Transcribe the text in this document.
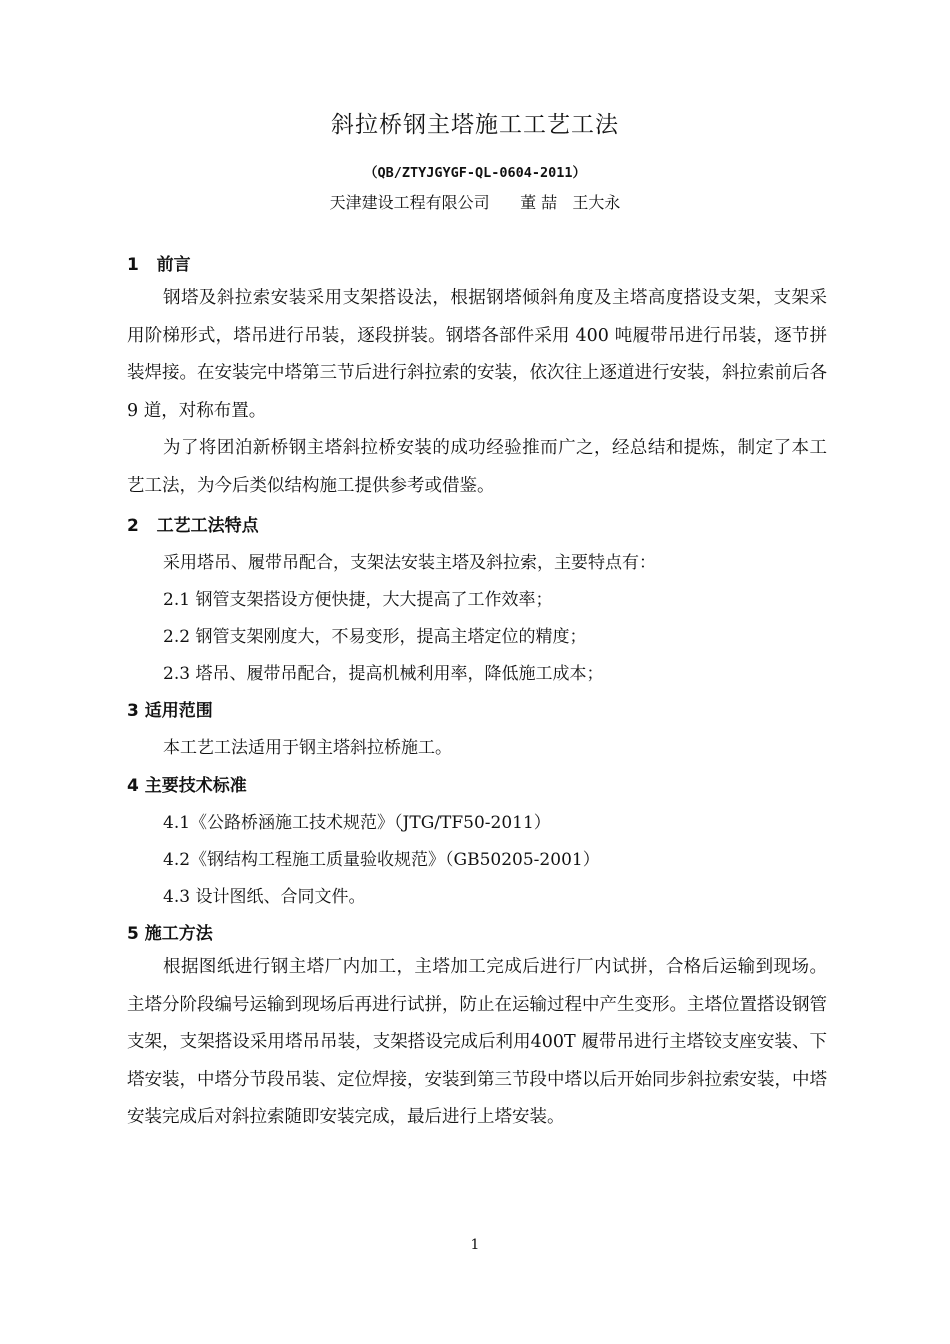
斜拉桥钢主塔施工工艺工法
（QB/ZTYJGYGF-QL-0604-2011）
天津建设工程有限公司      董 喆   王大永
1   前言
钢塔及斜拉索安装采用支架搭设法，根据钢塔倾斜角度及主塔高度搭设支架，支架采用阶梯形式，塔吊进行吊装，逐段拼装。钢塔各部件采用 400 吨履带吊进行吊装，逐节拼装焊接。在安装完中塔第三节后进行斜拉索的安装，依次往上逐道进行安装，斜拉索前后各 9 道，对称布置。
为了将团泊新桥钢主塔斜拉桥安装的成功经验推而广之，经总结和提炼，制定了本工艺工法，为今后类似结构施工提供参考或借鉴。
2   工艺工法特点
采用塔吊、履带吊配合，支架法安装主塔及斜拉索，主要特点有：
2.1 钢管支架搭设方便快捷，大大提高了工作效率；
2.2 钢管支架刚度大，不易变形，提高主塔定位的精度；
2.3 塔吊、履带吊配合，提高机械利用率，降低施工成本；
3 适用范围
本工艺工法适用于钢主塔斜拉桥施工。
4 主要技术标准
4.1《公路桥涵施工技术规范》（JTG/TF50-2011）
4.2《钢结构工程施工质量验收规范》（GB50205-2001）
4.3 设计图纸、合同文件。
5 施工方法
根据图纸进行钢主塔厂内加工，主塔加工完成后进行厂内试拼，合格后运输到现场。主塔分阶段编号运输到现场后再进行试拼，防止在运输过程中产生变形。主塔位置搭设钢管支架，支架搭设采用塔吊吊装，支架搭设完成后利用400T 履带吊进行主塔铰支座安装、下塔安装，中塔分节段吊装、定位焊接，安装到第三节段中塔以后开始同步斜拉索安装，中塔安装完成后对斜拉索随即安装完成，最后进行上塔安装。
1
